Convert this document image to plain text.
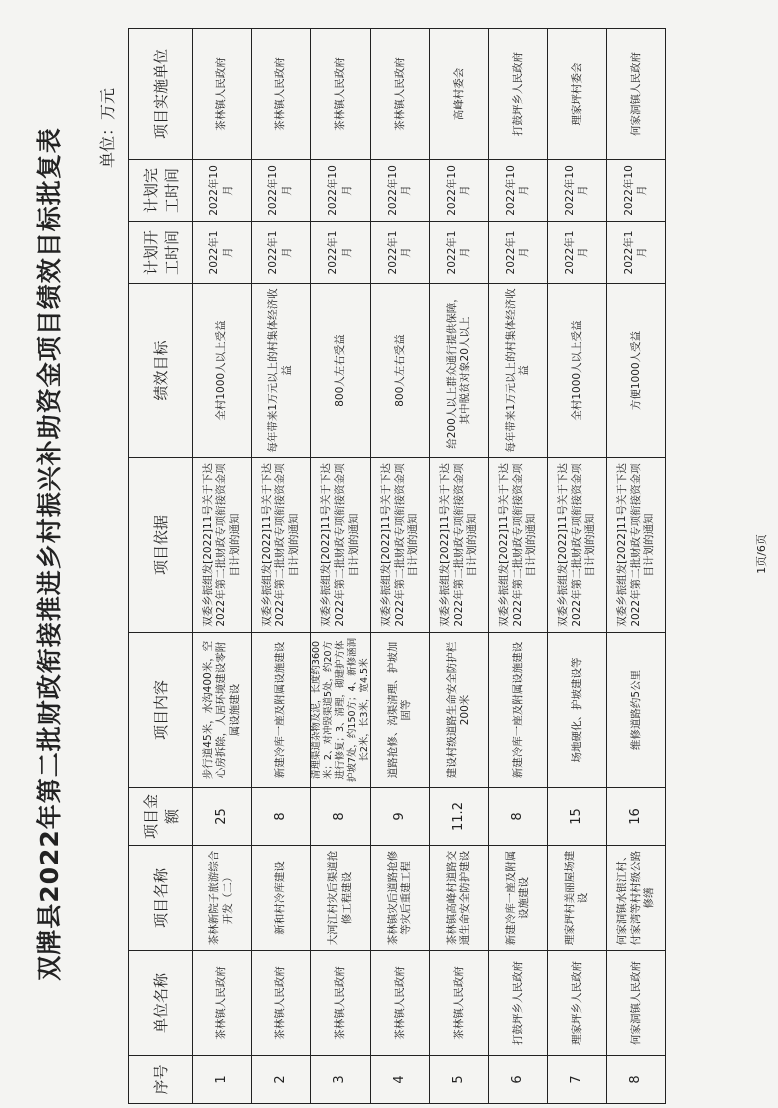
双牌县2022年第二批财政衔接推进乡村振兴补助资金项目绩效目标批复表 单位：万元
序号	单位名称	项目名称	项目金额	项目内容	项目依据	绩效目标	计划开工时间	计划完工时间	项目实施单位
1	茶林镇人民政府	茶林新院子旅游综合开发（二）	25	步行道45米，水沟400米，空心房拆除，人居环境建设零附属设施建设	双委乡振组发[2022]11号关于下达2022年第二批财政专项衔接资金项目计划的通知	全村1000人以上受益	2022年1月	2022年10月	茶林镇人民政府
2	茶林镇人民政府	新和村冷库建设	8	新建冷库一座及附属设施建设	双委乡振组发[2022]11号关于下达2022年第二批财政专项衔接资金项目计划的通知	每年带来1万元以上的村集体经济收益	2022年1月	2022年10月	茶林镇人民政府
3	茶林镇人民政府	大河江村灾后渠道抢修工程建设	8	清理渠道杂物及泥，长度约3600米；2、对冲毁渠道5处，约20方进行修复；3、清理，砌建护方体护坡7处，约150方；4、新修涵洞长2米，长3米，宽4.5米	双委乡振组发[2022]11号关于下达2022年第二批财政专项衔接资金项目计划的通知	800人左右受益	2022年1月	2022年10月	茶林镇人民政府
4	茶林镇人民政府	茶林镇灾后道路抢修等灾后重建工程	9	道路抢修、沟渠清理、护坡加固等	双委乡振组发[2022]11号关于下达2022年第二批财政专项衔接资金项目计划的通知	800人左右受益	2022年1月	2022年10月	茶林镇人民政府
5	茶林镇人民政府	茶林镇高峰村道路交通生命安全防护建设	11.2	建设村级道路生命安全防护栏200米	双委乡振组发[2022]11号关于下达2022年第二批财政专项衔接资金项目计划的通知	给200人以上群众通行提供保障，其中脱贫对象20人以上	2022年1月	2022年10月	高峰村委会
6	打鼓坪乡人民政府	新建冷库一座及附属设施建设	8	新建冷库一座及附属设施建设	双委乡振组发[2022]11号关于下达2022年第二批财政专项衔接资金项目计划的通知	每年带来1万元以上的村集体经济收益	2022年1月	2022年10月	打鼓坪乡人民政府
7	理家坪乡人民政府	理家坪村美丽屋场建设	15	场地硬化、护坡建设等	双委乡振组发[2022]11号关于下达2022年第二批财政专项衔接资金项目计划的通知	全村1000人以上受益	2022年1月	2022年10月	理家坪村委会
8	何家洞镇人民政府	何家洞镇水银江村、付家湾等村村级公路修缮	16	维修道路约5公里	双委乡振组发[2022]11号关于下达2022年第二批财政专项衔接资金项目计划的通知	方便1000人受益	2022年1月	2022年10月	何家洞镇人民政府
1页/6页
